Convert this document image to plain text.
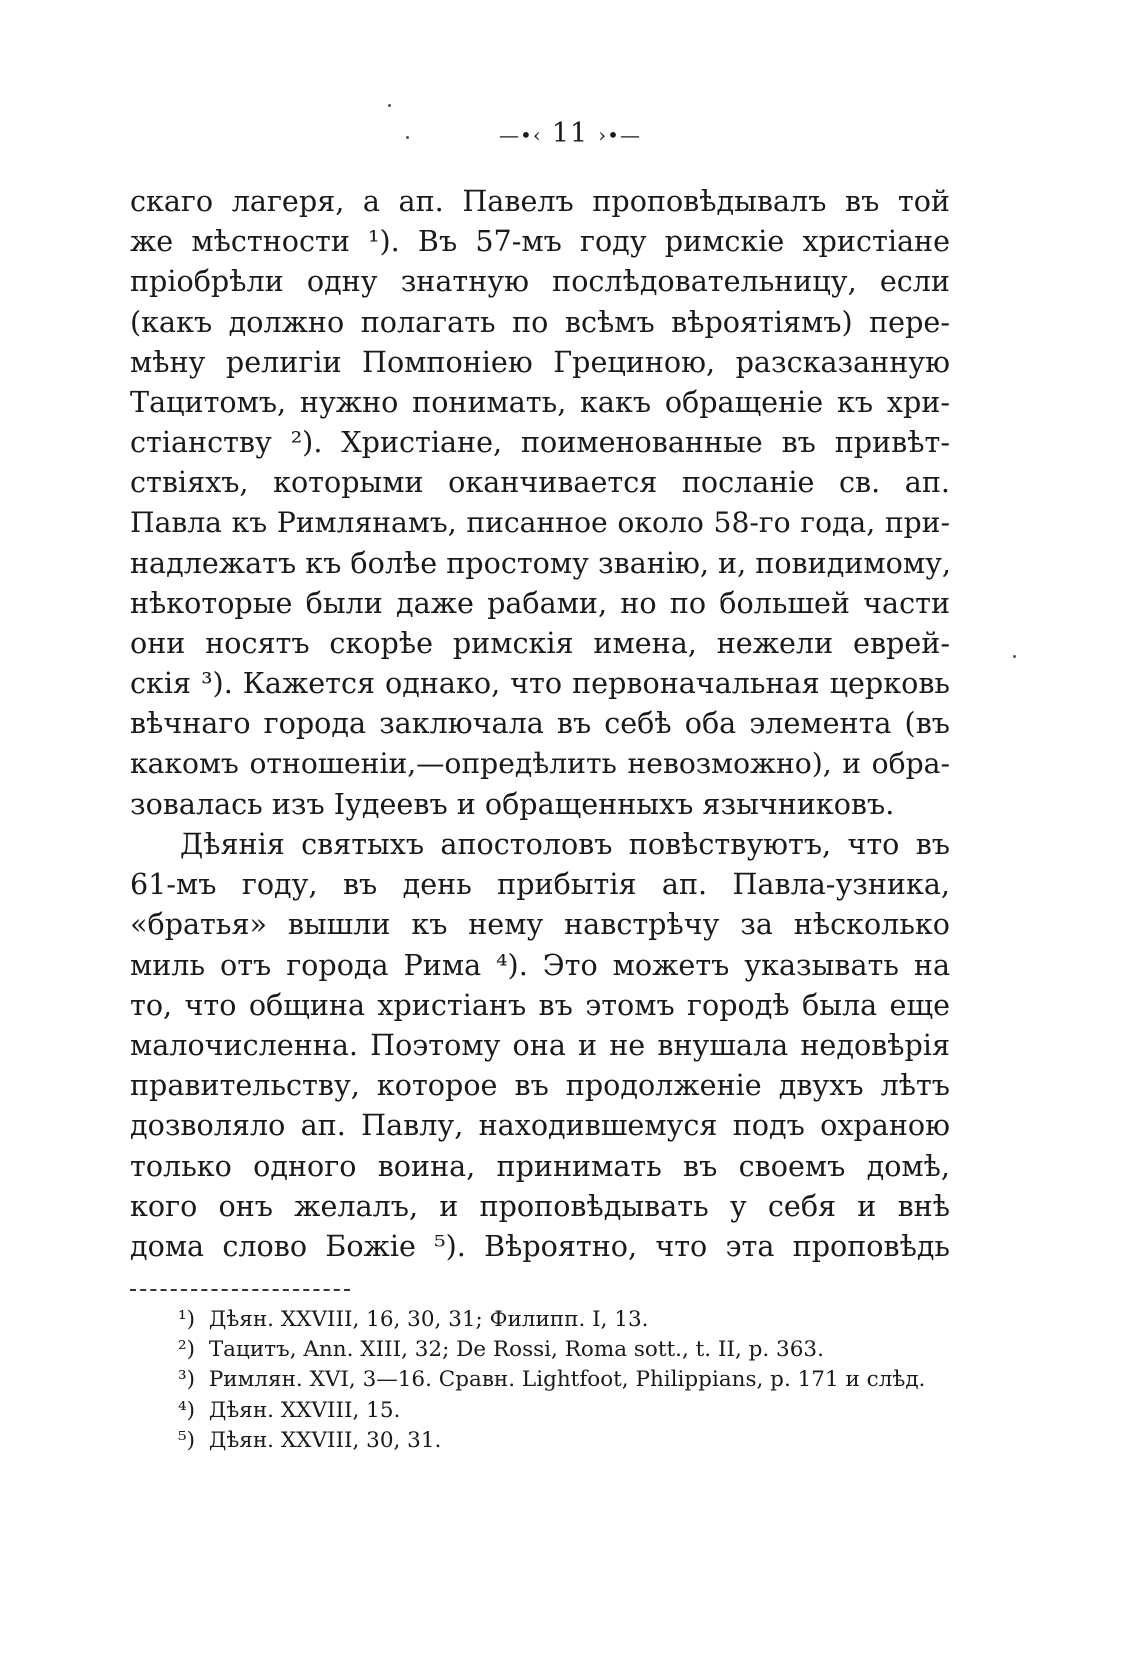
—•‹ 11 ›•—
скаго лагеря, а ап. Павелъ проповѣдывалъ въ той
же мѣстности ¹). Въ 57-мъ году римскіе христіане
пріобрѣли одну знатную послѣдовательницу, если
(какъ должно полагать по всѣмъ вѣроятіямъ) пере-
мѣну религіи Помпоніею Грециною, разсказанную
Тацитомъ, нужно понимать, какъ обращеніе къ хри-
стіанству ²). Христіане, поименованные въ привѣт-
ствіяхъ, которыми оканчивается посланіе св. ап.
Павла къ Римлянамъ, писанное около 58-го года, при-
надлежатъ къ болѣе простому званію, и, повидимому,
нѣкоторые были даже рабами, но по большей части
они носятъ скорѣе римскія имена, нежели еврей-
скія ³). Кажется однако, что первоначальная церковь
вѣчнаго города заключала въ себѣ оба элемента (въ
какомъ отношеніи,—опредѣлить невозможно), и обра-
зовалась изъ Іудеевъ и обращенныхъ язычниковъ.
Дѣянія святыхъ апостоловъ повѣствуютъ, что въ
61-мъ году, въ день прибытія ап. Павла-узника,
«братья» вышли къ нему навстрѣчу за нѣсколько
миль отъ города Рима ⁴). Это можетъ указывать на
то, что община христіанъ въ этомъ городѣ была еще
малочисленна. Поэтому она и не внушала недовѣрія
правительству, которое въ продолженіе двухъ лѣтъ
дозволяло ап. Павлу, находившемуся подъ охраною
только одного воина, принимать въ своемъ домѣ,
кого онъ желалъ, и проповѣдывать у себя и внѣ
дома слово Божіе ⁵). Вѣроятно, что эта проповѣдь
¹) Дѣян. XXVIII, 16, 30, 31; Филипп. I, 13.
²) Тацитъ, Ann. XIII, 32; De Rossi, Roma sott., t. II, p. 363.
³) Римлян. XVI, 3—16. Сравн. Lightfoot, Philippians, p. 171 и слѣд.
⁴) Дѣян. XXVIII, 15.
⁵) Дѣян. XXVIII, 30, 31.
